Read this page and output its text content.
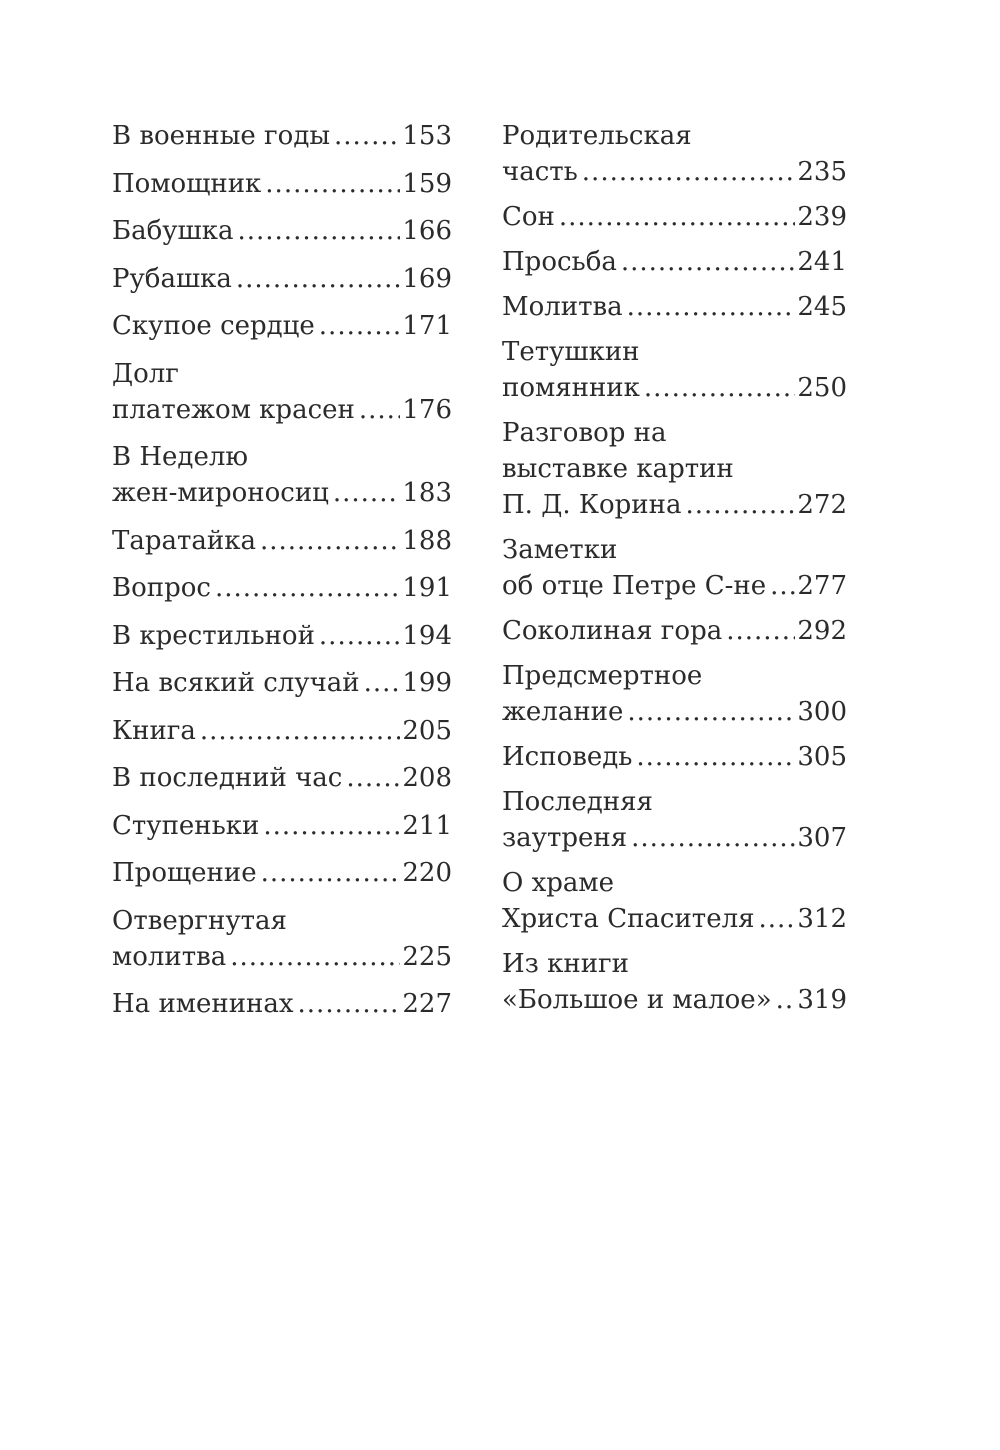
В военные годы .....	153
Помощник .....	159
Бабушка .....	166
Рубашка .....	169
Скупое сердце .....	171
Долг
платежом красен ..... 176
В Неделю
жен-мироносиц .....	183
Таратайка .....	188
Вопрос .....	191
В крестильной .....	194
На всякий случай ..... 199
Книга .....	205
В последний час ..... 208
Ступеньки .....	211
Прощение .....	220
Отвергнутая
молитва .....	225
На именинах .....	227
Родительская
часть .....	235
Сон .....	239
Просьба .....	241
Молитва .....	245
Тетушкин
помянник .....	250
Разговор на
выставке картин
П. Д. Корина .....	272
Заметки
об отце Петре С-не ..... 277
Соколиная гора .....	292
Предсмертное
желание .....	300
Исповедь .....	305
Последняя
заутреня .....	307
О храме
Христа Спасителя ..... 312
Из книги
«Большое и малое» ..... 319
